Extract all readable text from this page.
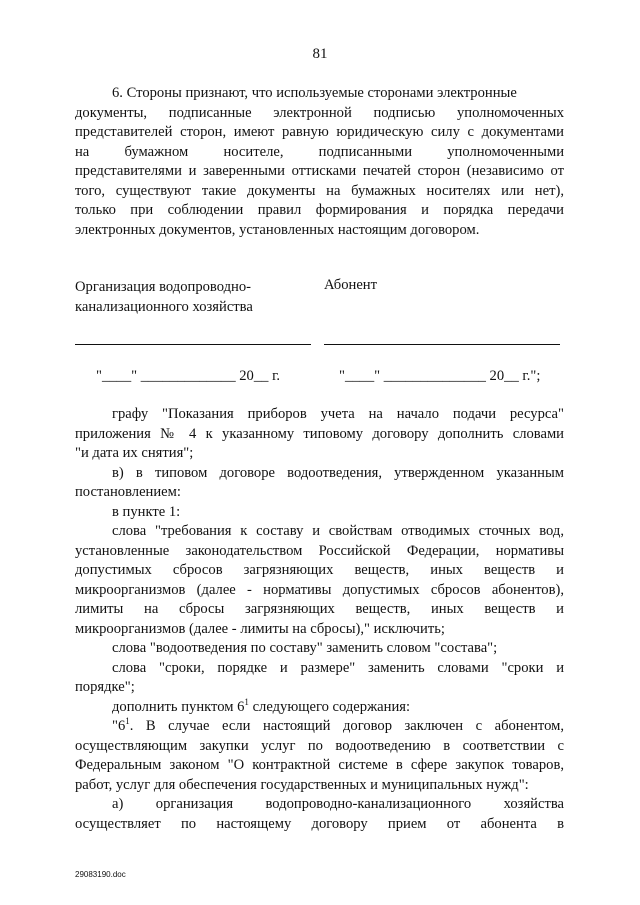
81
6. Стороны признают, что используемые сторонами электронные
документы, подписанные электронной подписью уполномоченных
представителей сторон, имеют равную юридическую силу с документами
на бумажном носителе, подписанными уполномоченными
представителями и заверенными оттисками печатей сторон (независимо от
того, существуют такие документы на бумажных носителях или нет),
только при соблюдении правил формирования и порядка передачи
электронных документов, установленных настоящим договором.
Организация водопроводно-
канализационного хозяйства
Абонент
"____" _____________ 20__ г.	"____" ______________ 20__ г.";
графу "Показания приборов учета на начало подачи ресурса"
приложения № 4 к указанному типовому договору дополнить словами
"и дата их снятия";
в) в типовом договоре водоотведения, утвержденном указанным
постановлением:
в пункте 1:
слова "требования к составу и свойствам отводимых сточных вод,
установленные законодательством Российской Федерации, нормативы
допустимых сбросов загрязняющих веществ, иных веществ и
микроорганизмов (далее - нормативы допустимых сбросов абонентов),
лимиты на сбросы загрязняющих веществ, иных веществ и
микроорганизмов (далее - лимиты на сбросы)," исключить;
слова "водоотведения по составу" заменить словом "состава";
слова "сроки, порядке и размере" заменить словами "сроки и
порядке";
дополнить пунктом $6^1$ следующего содержания:
"$6^1$. В случае если настоящий договор заключен с абонентом,
осуществляющим закупки услуг по водоотведению в соответствии с
Федеральным законом "О контрактной системе в сфере закупок товаров,
работ, услуг для обеспечения государственных и муниципальных нужд":
а) организация водопроводно-канализационного хозяйства
осуществляет по настоящему договору прием от абонента в
29083190.doc
